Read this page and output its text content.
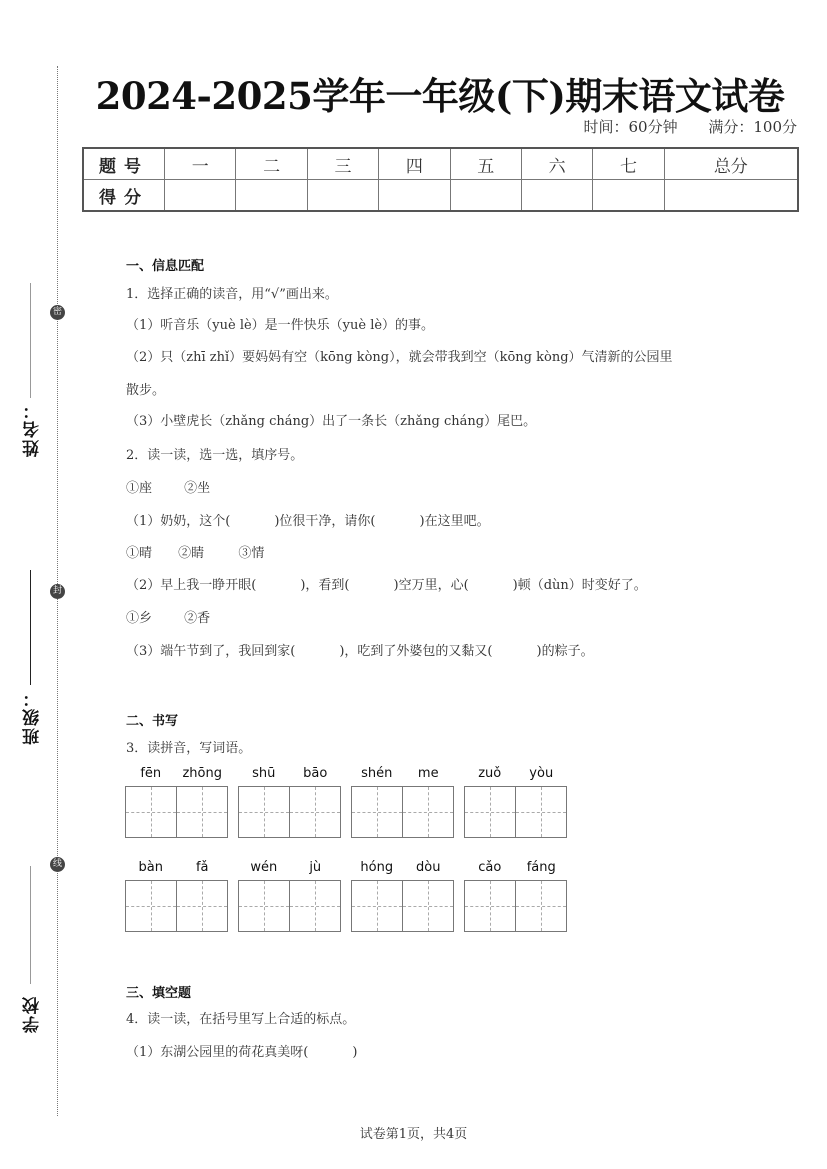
密
封
线
姓名：
班级：
学校
2024-2025学年一年级(下)期末语文试卷
时间：60分钟 满分：100分
题号	一	二	三	四	五	六	七	总分
得分								
一、信息匹配
1．选择正确的读音，用“√”画出来。
（1）听音乐（yuè lè）是一件快乐（yuè lè）的事。
（2）只（zhī zhǐ）要妈妈有空（kōng kòng），就会带我到空（kōng kòng）气清新的公园里
散步。
（3）小壁虎长（zhǎng cháng）出了一条长（zhǎng cháng）尾巴。
2．读一读，选一选，填序号。
①座 ②坐
（1）奶奶，这个(	)位很干净，请你(	)在这里吧。
①晴 ②睛	③情
（2）早上我一睁开眼(	)，看到(	)空万里，心(	)顿（dùn）时变好了。
①乡 ②香
（3）端午节到了，我回到家(	)，吃到了外婆包的又黏又(	)的粽子。
二、书写
3．读拼音，写词语。
fēn	zhōng	shū	bāo	shén	me	zuǒ	yòu
bàn	fǎ	wén	jù	hóng	dòu	cǎo	fáng
三、填空题
4．读一读，在括号里写上合适的标点。
（1）东湖公园里的荷花真美呀(	)
试卷第1页，共4页
